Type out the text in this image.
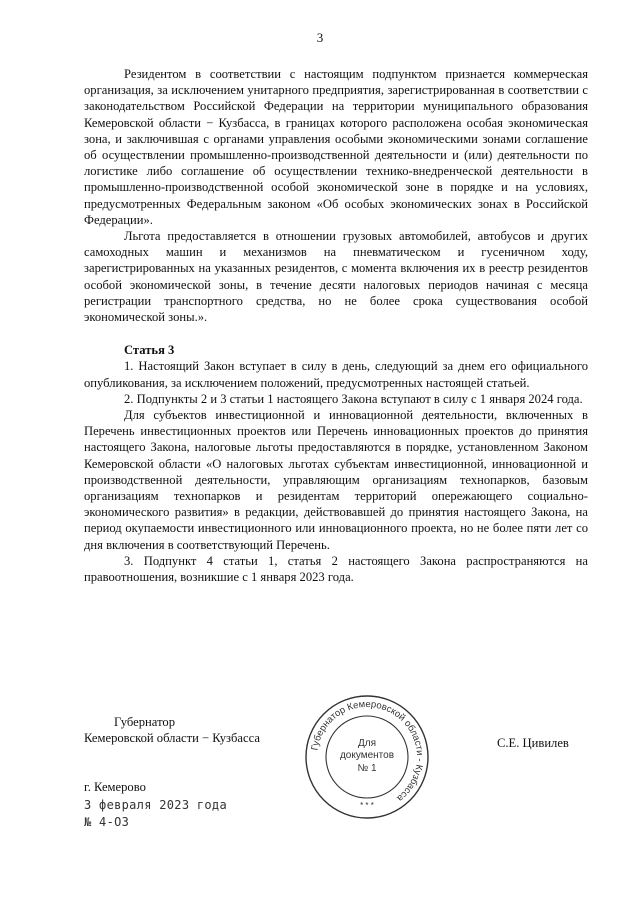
3

Резидентом в соответствии с настоящим подпунктом признается коммерческая организация, за исключением унитарного предприятия, зарегистрированная в соответствии с законодательством Российской Федерации на территории муниципального образования Кемеровской области − Кузбасса, в границах которого расположена особая экономическая зона, и заключившая с органами управления особыми экономическими зонами соглашение об осуществлении промышленно-производственной деятельности и (или) деятельности по логистике либо соглашение об осуществлении технико-внедренческой деятельности в промышленно-производственной особой экономической зоне в порядке и на условиях, предусмотренных Федеральным законом «Об особых экономических зонах в Российской Федерации».

Льгота предоставляется в отношении грузовых автомобилей, автобусов и других самоходных машин и механизмов на пневматическом и гусеничном ходу, зарегистрированных на указанных резидентов, с момента включения их в реестр резидентов особой экономической зоны, в течение десяти налоговых периодов начиная с месяца регистрации транспортного средства, но не более срока существования особой экономической зоны.».

Статья 3

1. Настоящий Закон вступает в силу в день, следующий за днем его официального опубликования, за исключением положений, предусмотренных настоящей статьей.

2. Подпункты 2 и 3 статьи 1 настоящего Закона вступают в силу с 1 января 2024 года.

Для субъектов инвестиционной и инновационной деятельности, включенных в Перечень инвестиционных проектов или Перечень инновационных проектов до принятия настоящего Закона, налоговые льготы предоставляются в порядке, установленном Законом Кемеровской области «О налоговых льготах субъектам инвестиционной, инновационной и производственной деятельности, управляющим организациям технопарков, базовым организациям технопарков и резидентам территорий опережающего социально-экономического развития» в редакции, действовавшей до принятия настоящего Закона, на период окупаемости инвестиционного или инновационного проекта, но не более пяти лет со дня включения в соответствующий Перечень.

3. Подпункт 4 статьи 1, статья 2 настоящего Закона распространяются на правоотношения, возникшие с 1 января 2023 года.

Губернатор
Кемеровской области − Кузбасса
Губернатор Кемеровской области - Кузбасса
Для
документов
№ 1
* * *
С.Е. Цивилев
г. Кемерово
3 февраля 2023 года
№ 4-ОЗ
